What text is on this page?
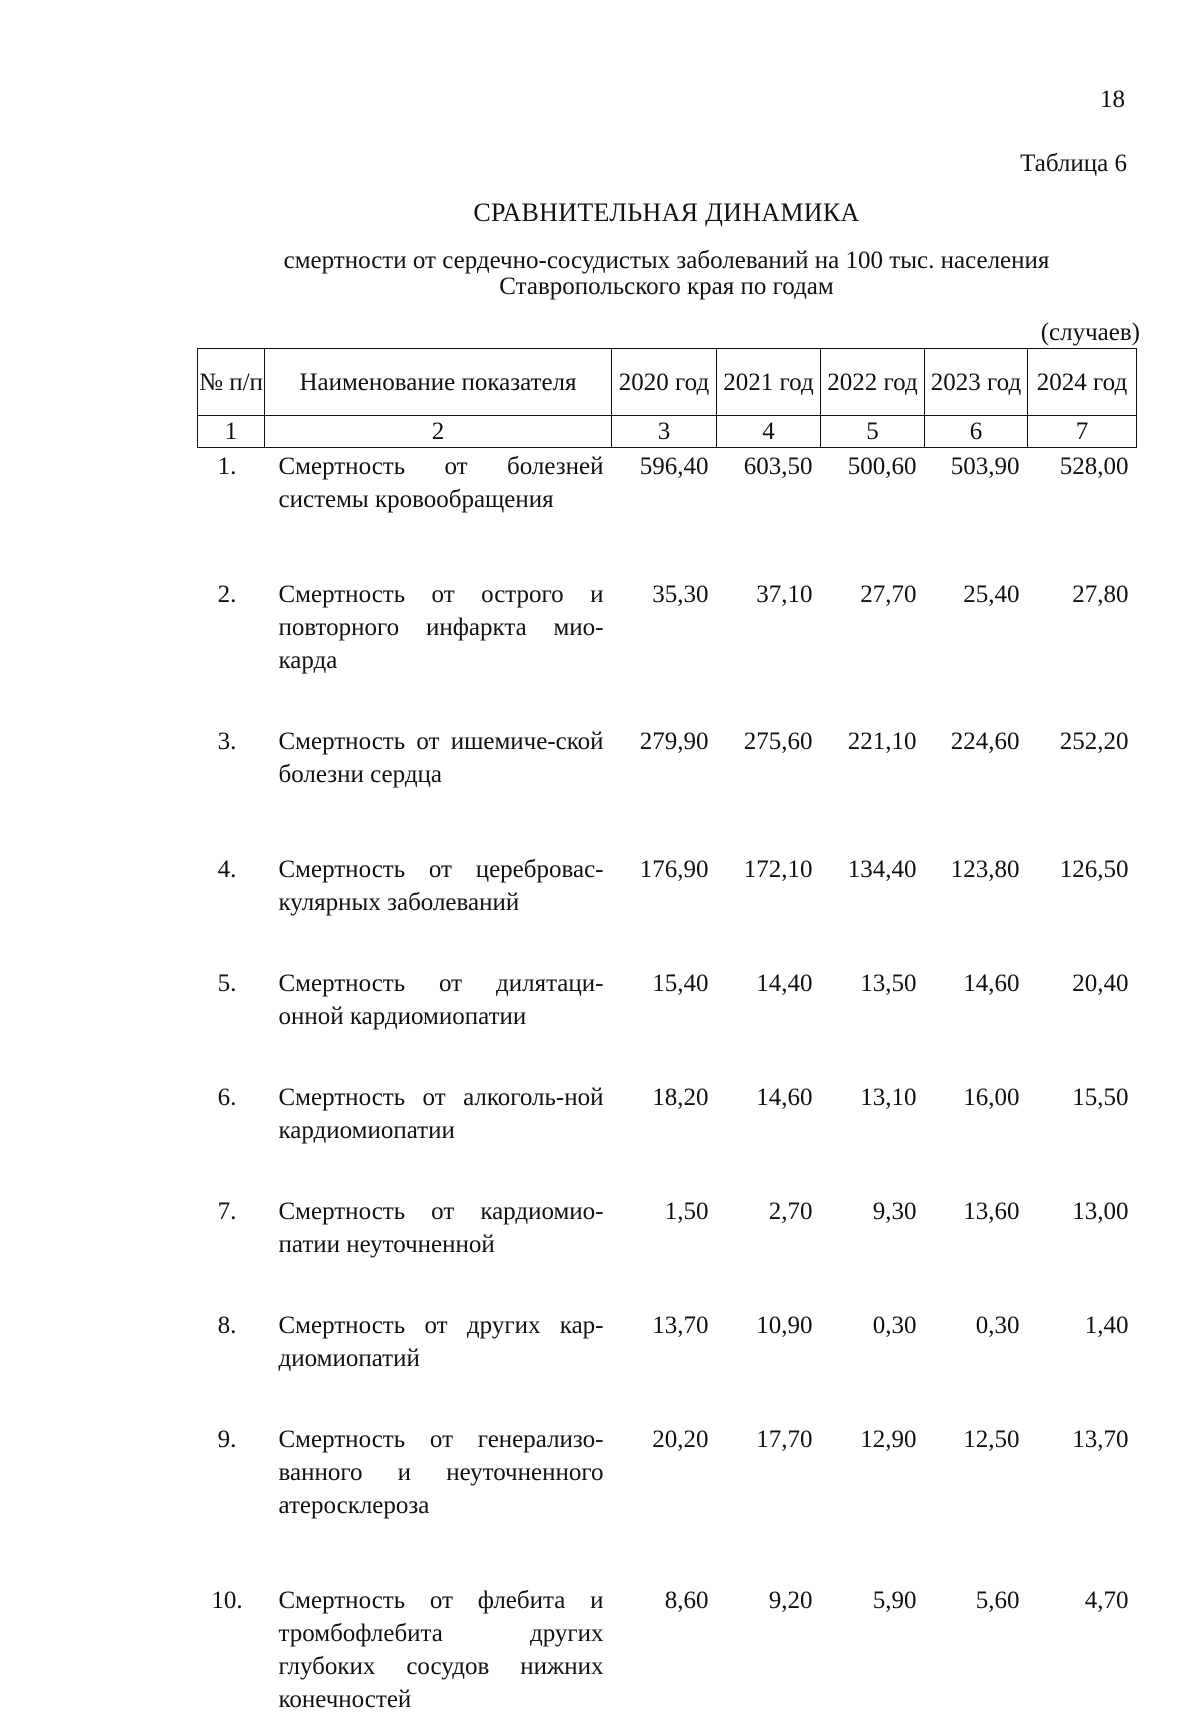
18
Таблица 6
СРАВНИТЕЛЬНАЯ ДИНАМИКА
смертности от сердечно-сосудистых заболеваний на 100 тыс. населения
Ставропольского края по годам
(случаев)
№ п/п	Наименование показателя	2020 год	2021 год	2022 год	2023 год	2024 год
1	2	3	4	5	6	7
1.	Смертность от болезней системы кровообращения	596,40	603,50	500,60	503,90	528,00

2.	Смертность от острого и повторного инфаркта мио-карда	35,30	37,10	27,70	25,40	27,80

3.	Смертность от ишемиче-ской болезни сердца	279,90	275,60	221,10	224,60	252,20

4.	Смертность от цереброваc-кулярных заболеваний	176,90	172,10	134,40	123,80	126,50

5.	Смертность от дилятаци-онной кардиомиопатии	15,40	14,40	13,50	14,60	20,40

6.	Смертность от алкоголь-ной кардиомиопатии	18,20	14,60	13,10	16,00	15,50

7.	Смертность от кардиомио-патии неуточненной	1,50	2,70	9,30	13,60	13,00

8.	Смертность от других кар-диомиопатий	13,70	10,90	0,30	0,30	1,40

9.	Смертность от генерализо-ванного и неуточненного атеросклероза	20,20	17,70	12,90	12,50	13,70

10.	Смертность от флебита и тромбофлебита других глубоких сосудов нижних конечностей	8,60	9,20	5,90	5,60	4,70
